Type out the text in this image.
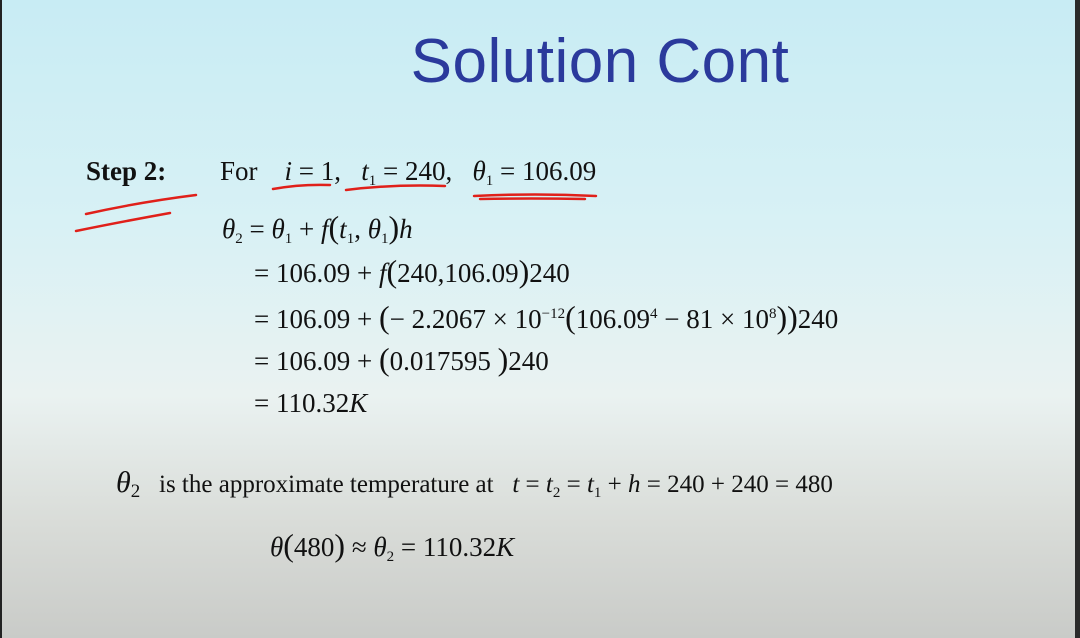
Solution Cont
Step 2: For i = 1,   $t_1 = 240$,   $\theta_1 = 106.09$
$\theta_2 = \theta_1 + f(t_1$, $\theta_1)h$
= 106.09 + f(240,106.09)240
= 106.09 + (− $2.2067 \times 10^{-12}(106.09^4 - 81 \times 10^8))240$
= 106.09 + (0.017595 )240
= 110.32K
$\theta_2$ is the approximate temperature at $t = t_2 = t_1 + h = 240 + 240 = 480$
$\theta(480) \approx \theta_2 = 110.32K$
